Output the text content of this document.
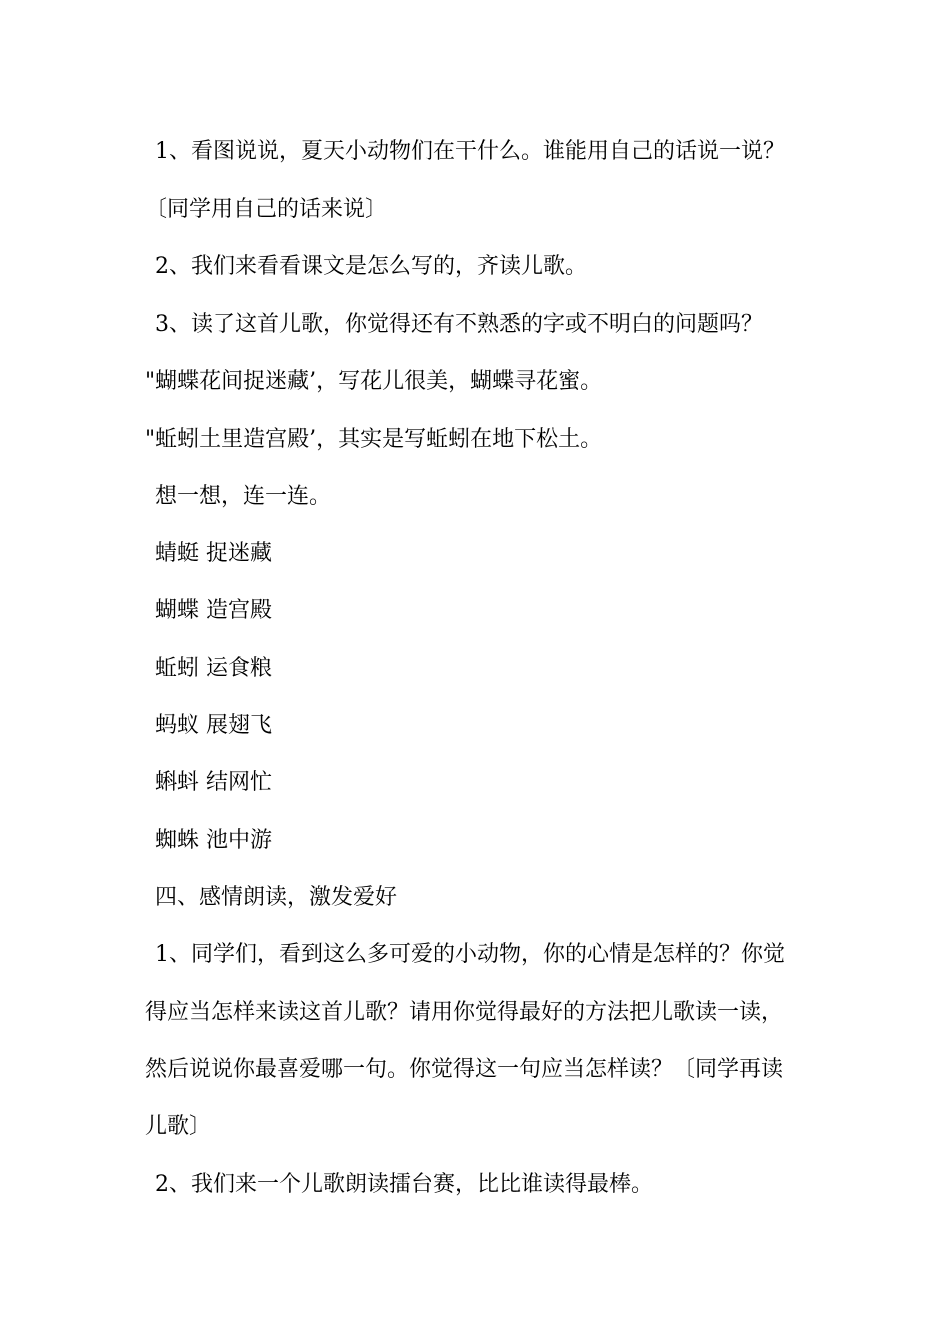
1、看图说说，夏天小动物们在干什么。谁能用自己的话说一说？
〔同学用自己的话来说〕
2、我们来看看课文是怎么写的，齐读儿歌。
3、读了这首儿歌，你觉得还有不熟悉的字或不明白的问题吗？
"蝴蝶花间捉迷藏’，写花儿很美，蝴蝶寻花蜜。
"蚯蚓土里造宫殿’，其实是写蚯蚓在地下松土。
想一想，连一连。
蜻蜓 捉迷藏
蝴蝶 造宫殿
蚯蚓 运食粮
蚂蚁 展翅飞
蝌蚪 结网忙
蜘蛛 池中游
四、感情朗读，激发爱好
1、同学们，看到这么多可爱的小动物，你的心情是怎样的？你觉
得应当怎样来读这首儿歌？请用你觉得最好的方法把儿歌读一读，
然后说说你最喜爱哪一句。你觉得这一句应当怎样读？〔同学再读
儿歌〕
2、我们来一个儿歌朗读擂台赛，比比谁读得最棒。
